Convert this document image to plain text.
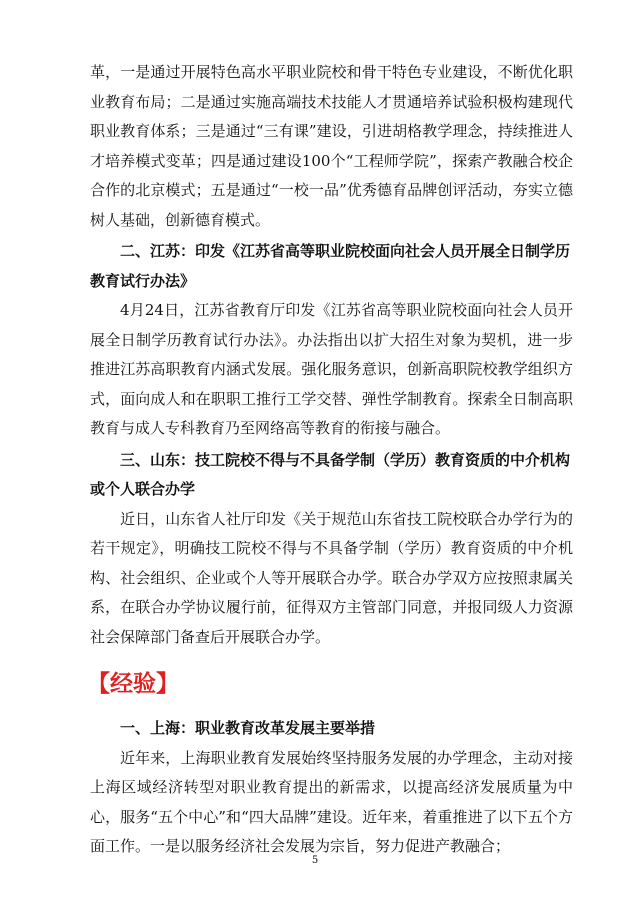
革，一是通过开展特色高水平职业院校和骨干特色专业建设，不断优化职业教育布局；二是通过实施高端技术技能人才贯通培养试验积极构建现代职业教育体系；三是通过“三有课”建设，引进胡格教学理念，持续推进人才培养模式变革；四是通过建设100个“工程师学院”，探索产教融合校企合作的北京模式；五是通过“一校一品”优秀德育品牌创评活动，夯实立德树人基础，创新德育模式。

二、江苏：印发《江苏省高等职业院校面向社会人员开展全日制学历教育试行办法》

4月24日，江苏省教育厅印发《江苏省高等职业院校面向社会人员开展全日制学历教育试行办法》。办法指出以扩大招生对象为契机，进一步推进江苏高职教育内涵式发展。强化服务意识，创新高职院校教学组织方式，面向成人和在职职工推行工学交替、弹性学制教育。探索全日制高职教育与成人专科教育乃至网络高等教育的衔接与融合。

三、山东：技工院校不得与不具备学制（学历）教育资质的中介机构或个人联合办学

近日，山东省人社厅印发《关于规范山东省技工院校联合办学行为的若干规定》，明确技工院校不得与不具备学制（学历）教育资质的中介机构、社会组织、企业或个人等开展联合办学。联合办学双方应按照隶属关系，在联合办学协议履行前，征得双方主管部门同意，并报同级人力资源社会保障部门备查后开展联合办学。

【经验】
一、上海：职业教育改革发展主要举措

近年来，上海职业教育发展始终坚持服务发展的办学理念，主动对接上海区域经济转型对职业教育提出的新需求，以提高经济发展质量为中心，服务“五个中心”和“四大品牌”建设。近年来，着重推进了以下五个方面工作。一是以服务经济社会发展为宗旨，努力促进产教融合；

5
